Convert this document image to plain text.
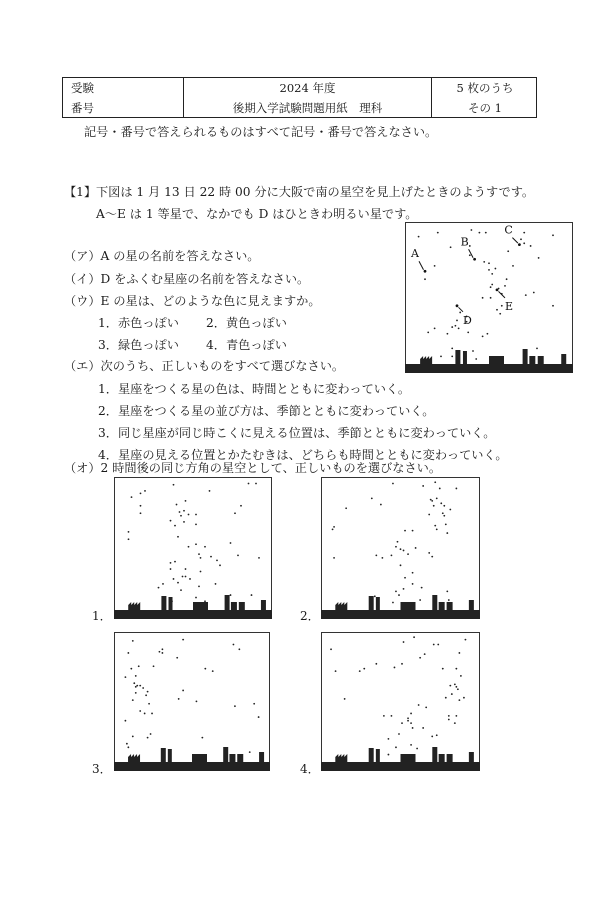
受験
番号
2024 年度
後期入学試験問題用紙　理科
5 枚のうち
その 1
記号・番号で答えられるものはすべて記号・番号で答えなさい。
【1】 下図は 1 月 13 日 22 時 00 分に大阪で南の星空を見上げたときのようすです。
A～E は 1 等星で、なかでも D はひときわ明るい星です。
（ア）A の星の名前を答えなさい。
（イ）D をふくむ星座の名前を答えなさい。
（ウ）E の星は、どのような色に見えますか。
1．赤色っぽい 2．黄色っぽい
3．緑色っぽい 4．青色っぽい
（エ）次のうち、正しいものをすべて選びなさい。
1．星座をつくる星の色は、時間とともに変わっていく。
2．星座をつくる星の並び方は、季節とともに変わっていく。
3．同じ星座が同じ時こくに見える位置は、季節とともに変わっていく。
4．星座の見える位置とかたむきは、どちらも時間とともに変わっていく。
（オ）2 時間後の同じ方角の星空として、正しいものを選びなさい。
A
B
C
D
E
1．	2．
3．	4．
